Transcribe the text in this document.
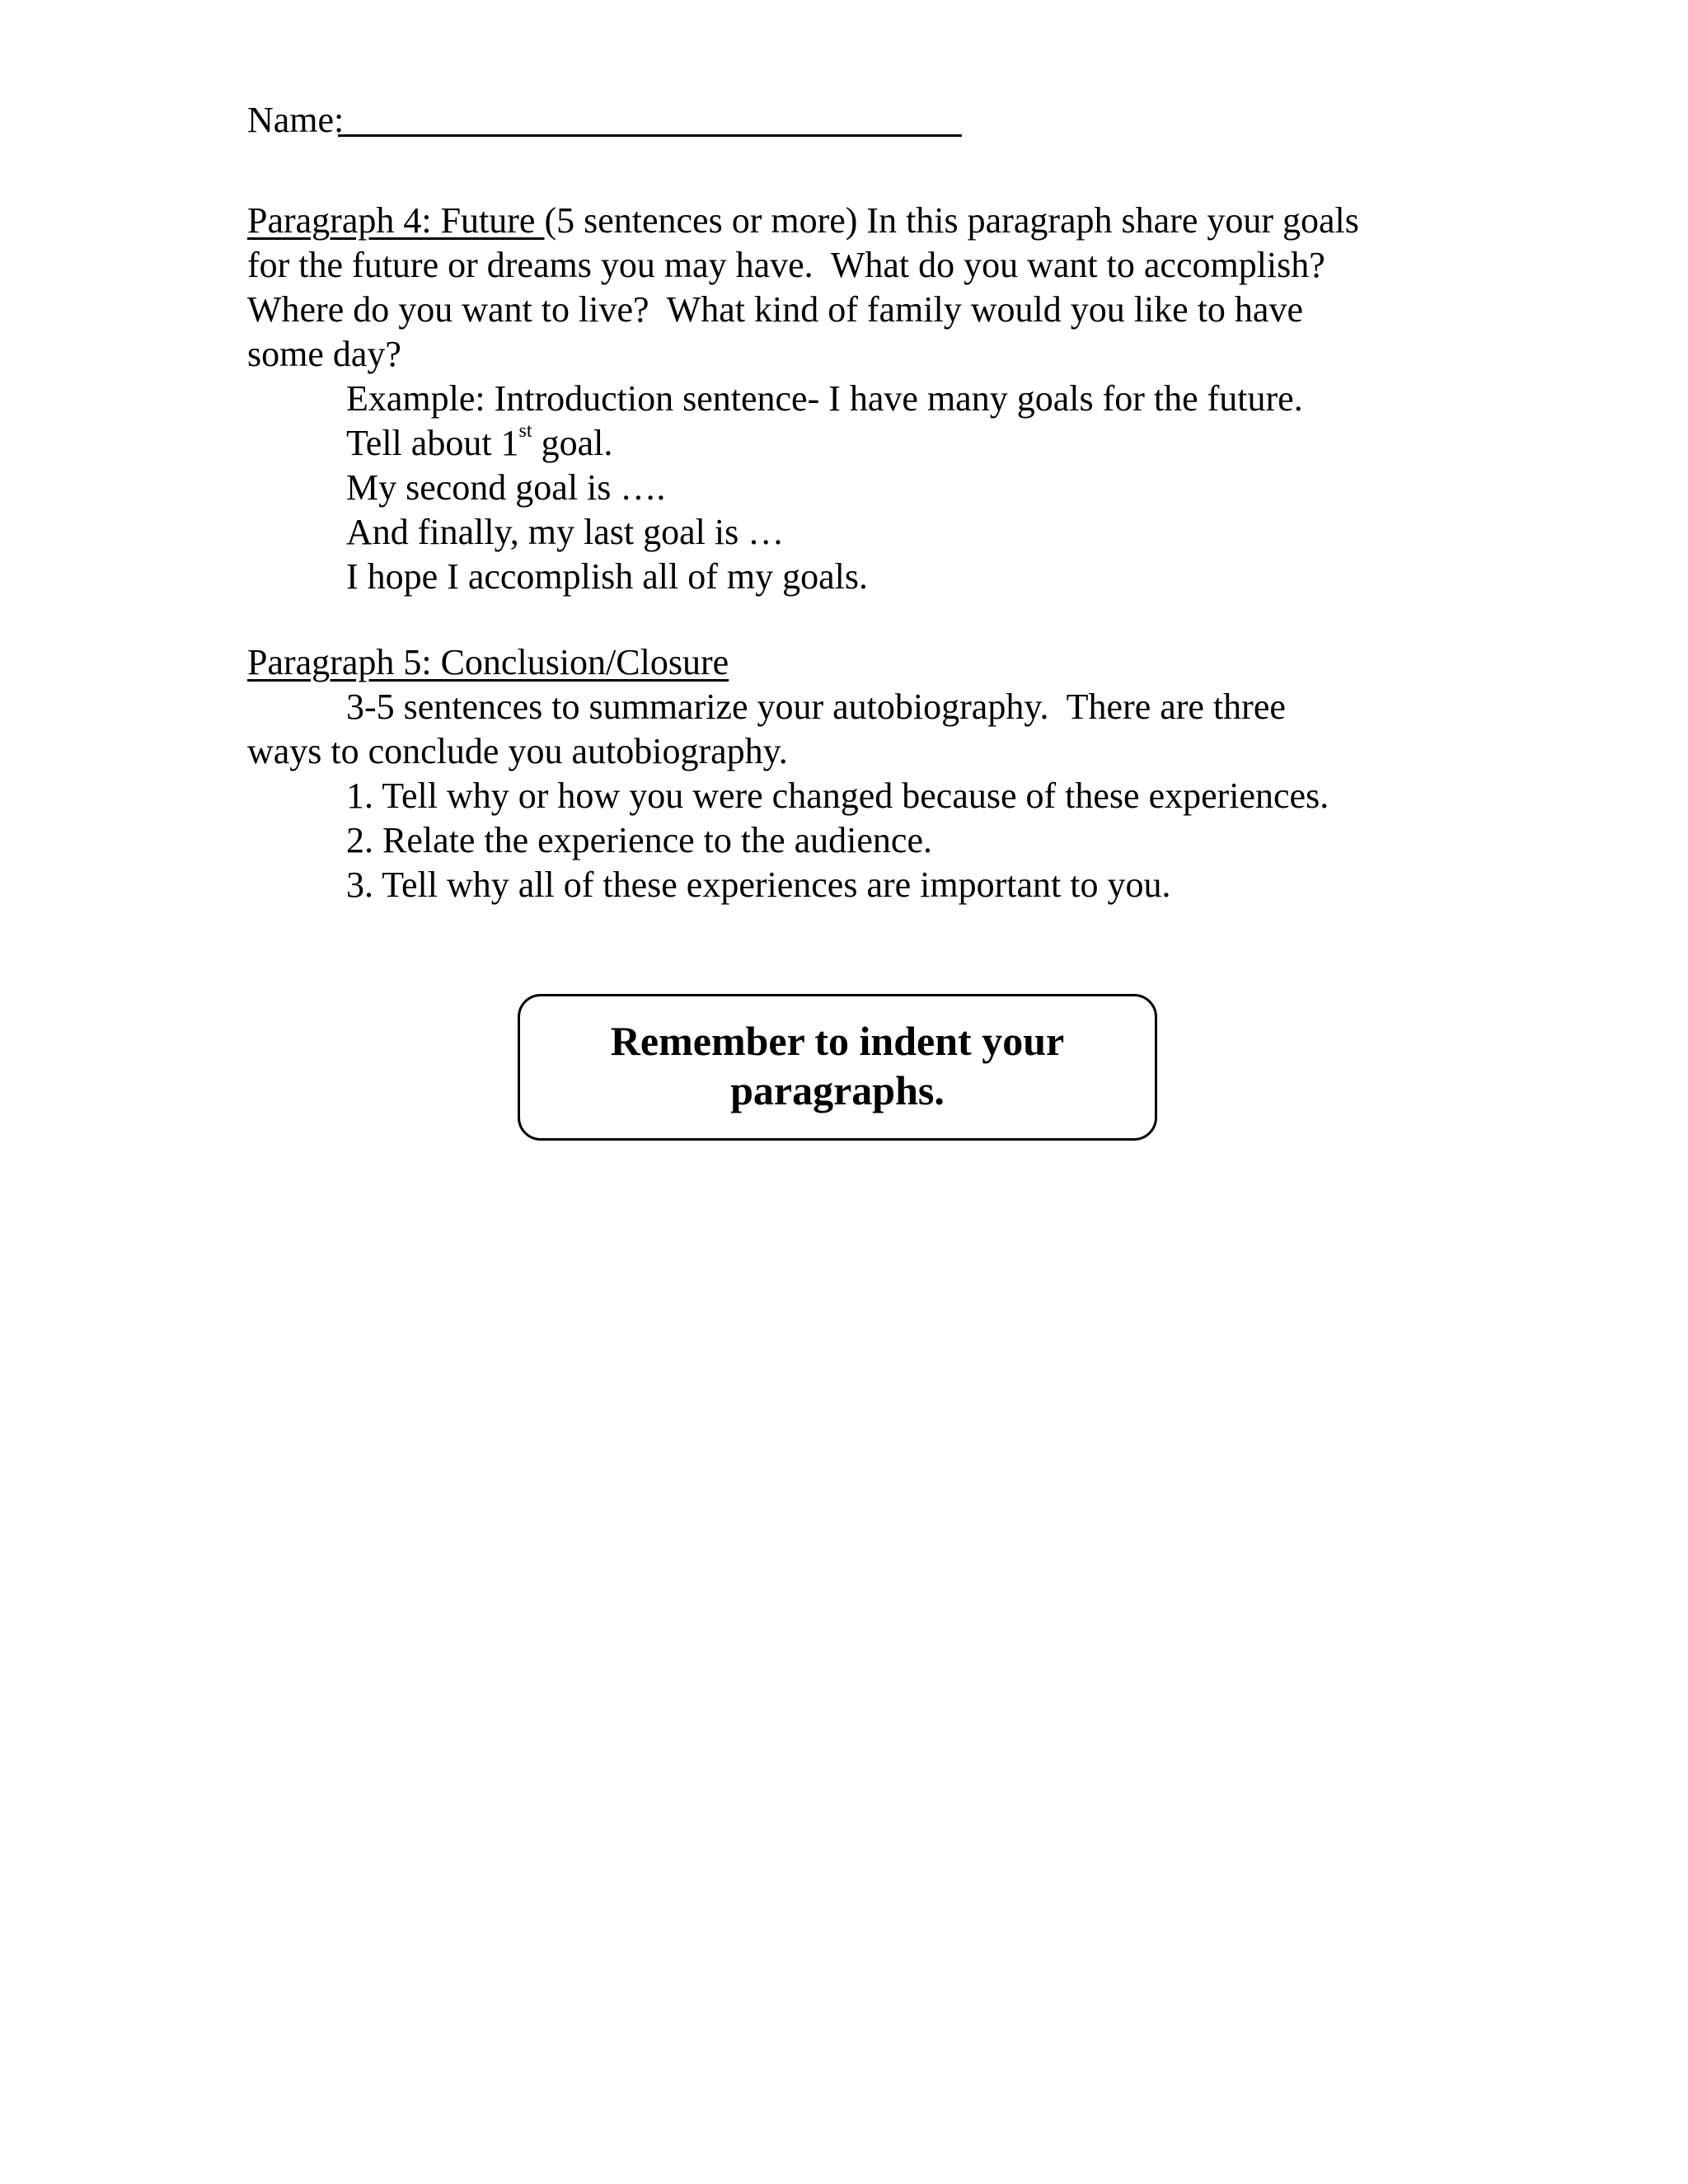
Name:
Paragraph 4: Future (5 sentences or more) In this paragraph share your goals
for the future or dreams you may have.  What do you want to accomplish?
Where do you want to live?  What kind of family would you like to have
some day?
Example: Introduction sentence- I have many goals for the future.
Tell about 1st goal.
My second goal is ….
And finally, my last goal is …
I hope I accomplish all of my goals.
Paragraph 5: Conclusion/Closure
3-5 sentences to summarize your autobiography.  There are three
ways to conclude you autobiography.
1. Tell why or how you were changed because of these experiences.
2. Relate the experience to the audience.
3. Tell why all of these experiences are important to you.
Remember to indent your
paragraphs.
